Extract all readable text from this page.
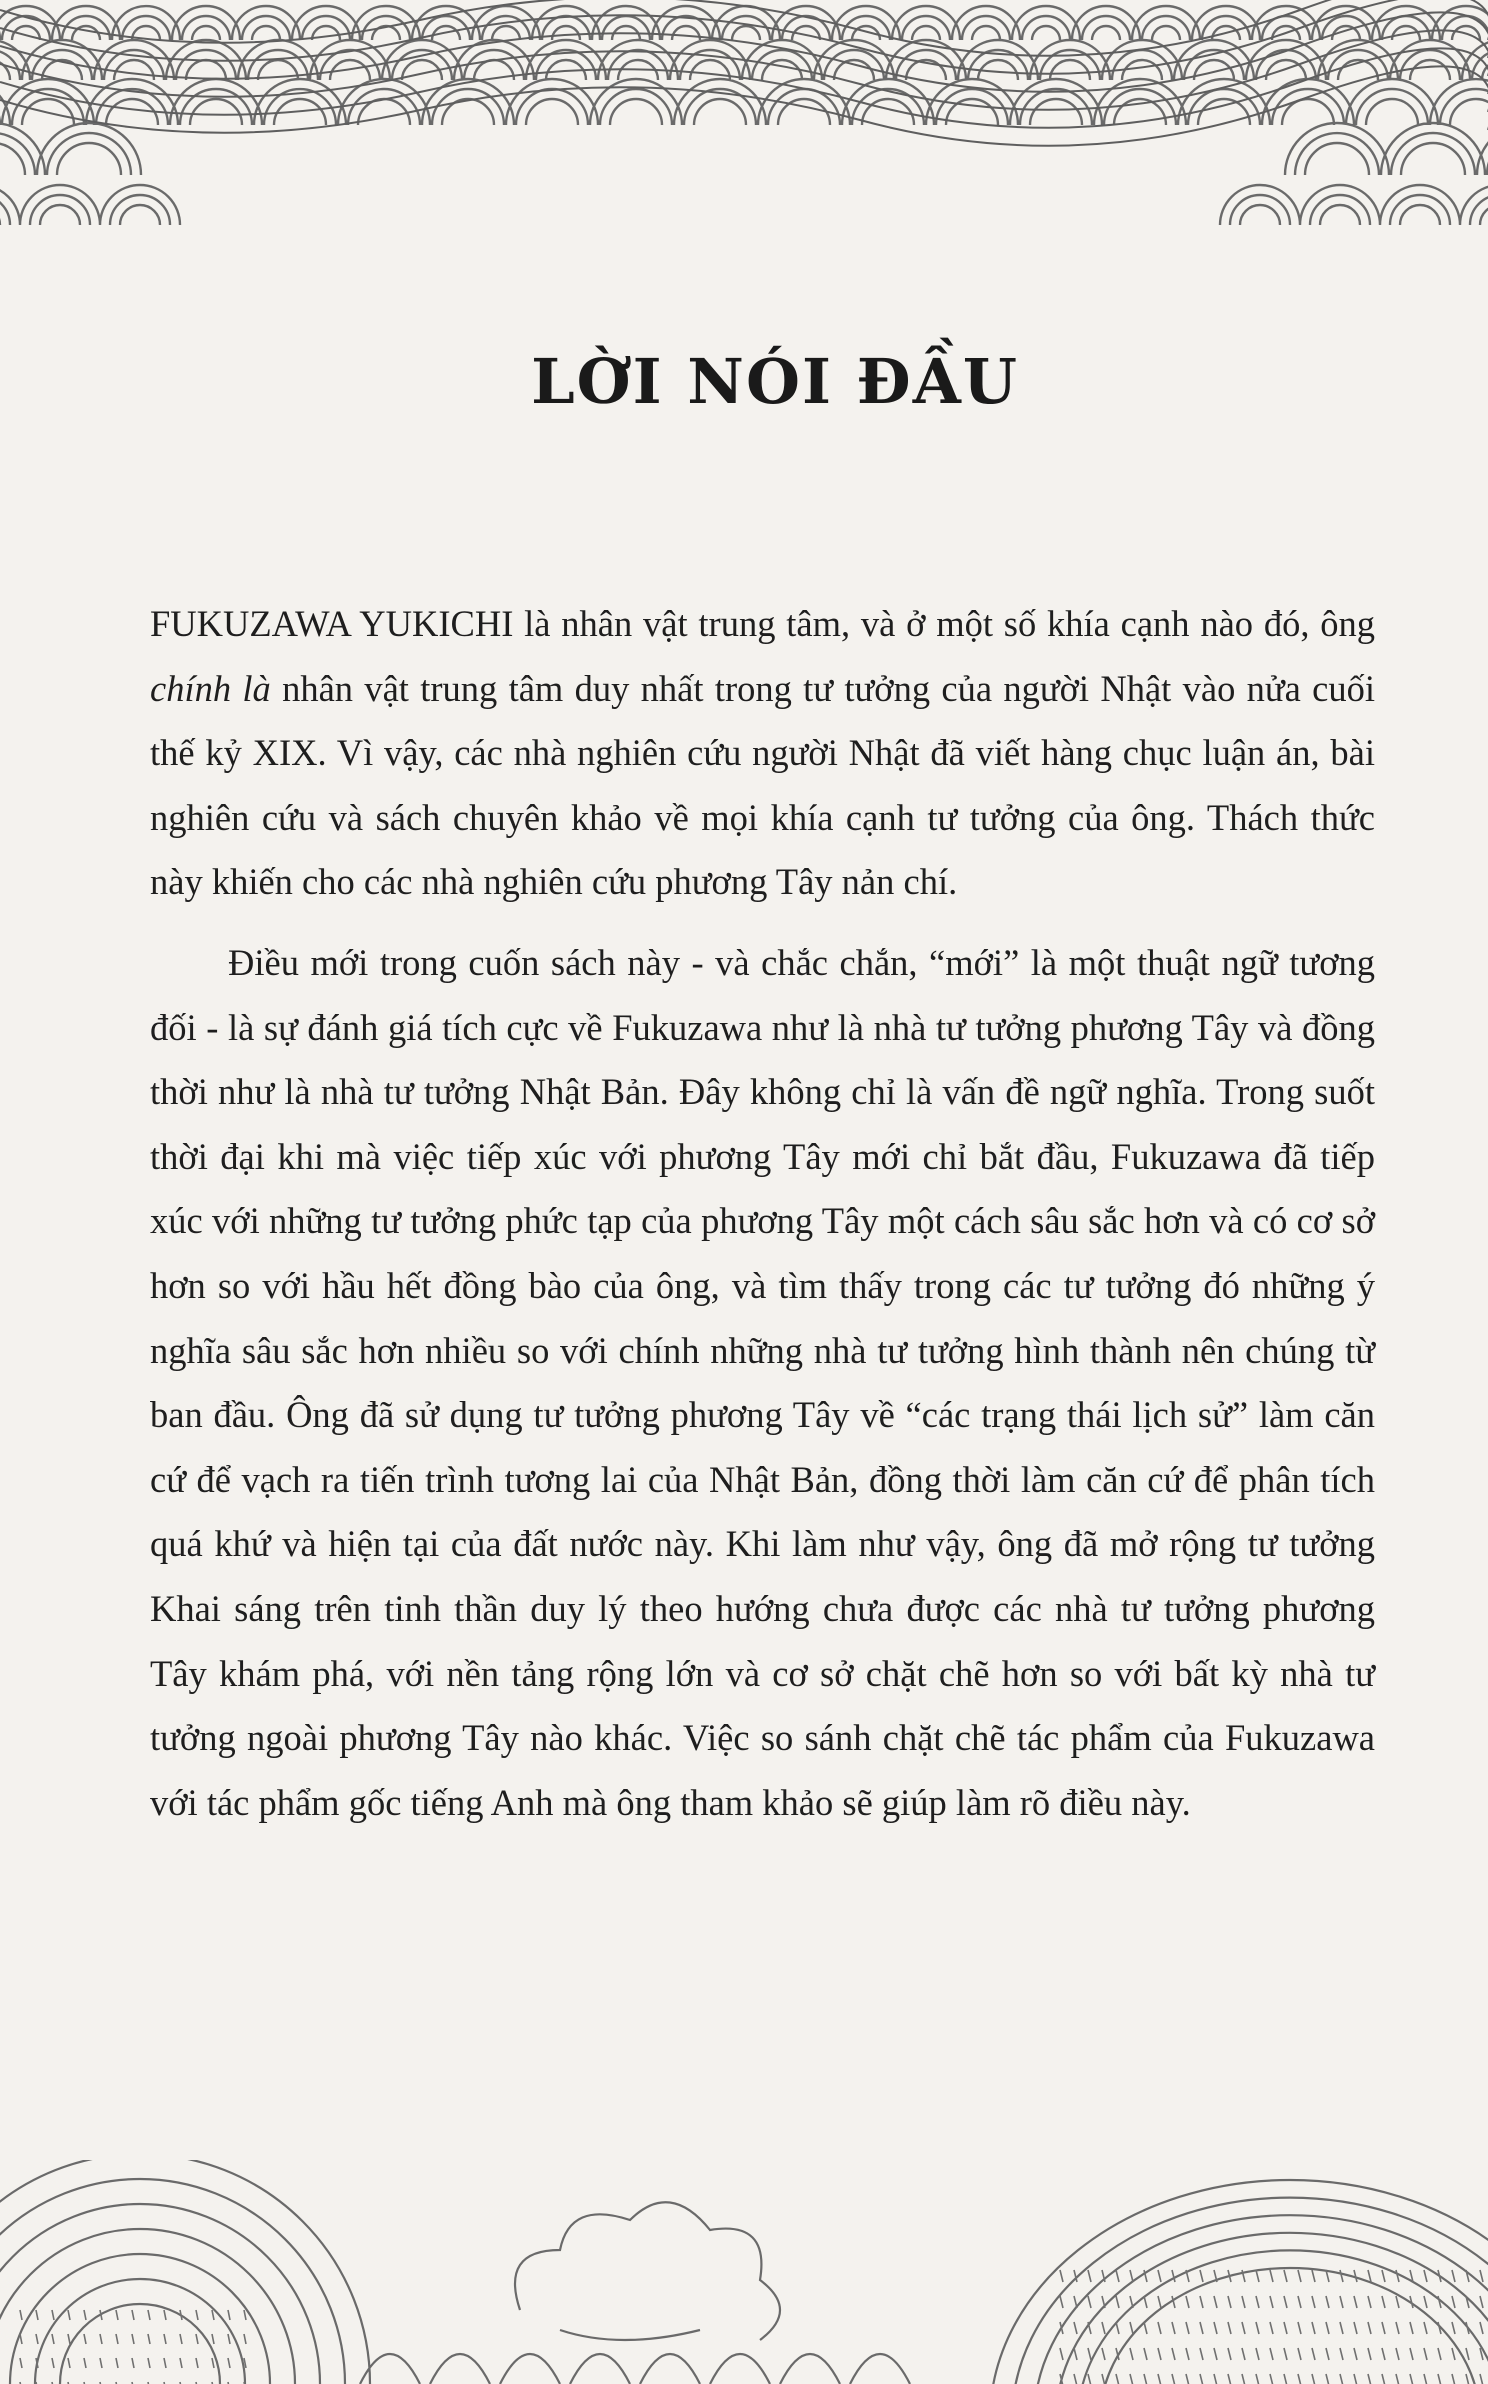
LỜI NÓI ĐẦU

FUKUZAWA YUKICHI là nhân vật trung tâm, và ở một số khía cạnh nào đó, ông chính là nhân vật trung tâm duy nhất trong tư tưởng của người Nhật vào nửa cuối thế kỷ XIX. Vì vậy, các nhà nghiên cứu người Nhật đã viết hàng chục luận án, bài nghiên cứu và sách chuyên khảo về mọi khía cạnh tư tưởng của ông. Thách thức này khiến cho các nhà nghiên cứu phương Tây nản chí.

Điều mới trong cuốn sách này - và chắc chắn, “mới” là một thuật ngữ tương đối - là sự đánh giá tích cực về Fukuzawa như là nhà tư tưởng phương Tây và đồng thời như là nhà tư tưởng Nhật Bản. Đây không chỉ là vấn đề ngữ nghĩa. Trong suốt thời đại khi mà việc tiếp xúc với phương Tây mới chỉ bắt đầu, Fukuzawa đã tiếp xúc với những tư tưởng phức tạp của phương Tây một cách sâu sắc hơn và có cơ sở hơn so với hầu hết đồng bào của ông, và tìm thấy trong các tư tưởng đó những ý nghĩa sâu sắc hơn nhiều so với chính những nhà tư tưởng hình thành nên chúng từ ban đầu. Ông đã sử dụng tư tưởng phương Tây về “các trạng thái lịch sử” làm căn cứ để vạch ra tiến trình tương lai của Nhật Bản, đồng thời làm căn cứ để phân tích quá khứ và hiện tại của đất nước này. Khi làm như vậy, ông đã mở rộng tư tưởng Khai sáng trên tinh thần duy lý theo hướng chưa được các nhà tư tưởng phương Tây khám phá, với nền tảng rộng lớn và cơ sở chặt chẽ hơn so với bất kỳ nhà tư tưởng ngoài phương Tây nào khác. Việc so sánh chặt chẽ tác phẩm của Fukuzawa với tác phẩm gốc tiếng Anh mà ông tham khảo sẽ giúp làm rõ điều này.
